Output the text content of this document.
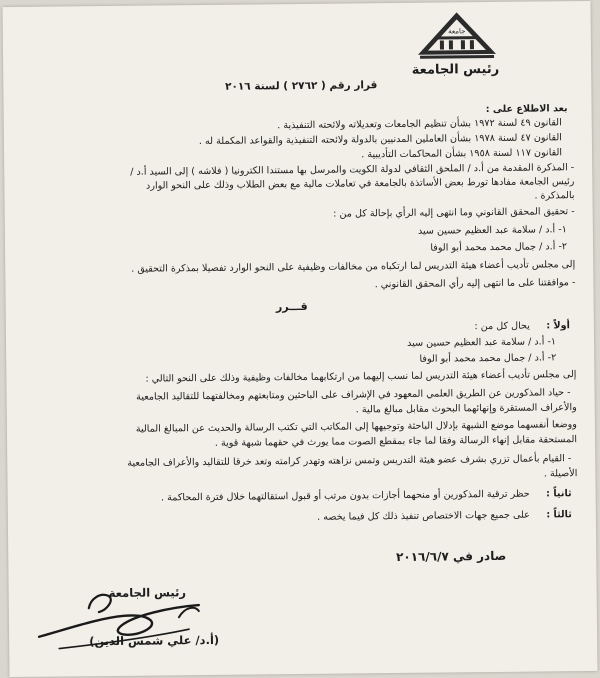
جامعة
رئيس الجامعة
قرار رقم ( ٢٧٦٢ ) لسنة ٢٠١٦
بعد الاطلاع على :
القانون ٤٩ لسنة ١٩٧٢ بشأن تنظيم الجامعات وتعديلاته ولائحته التنفيذية .
القانون ٤٧ لسنة ١٩٧٨ بشأن العاملين المدنيين بالدولة ولائحته التنفيذية والقواعد المكملة له .
القانون ١١٧ لسنة ١٩٥٨ بشأن المحاكمات التأديبية .
- المذكرة المقدمة من أ.د / الملحق الثقافي لدولة الكويت والمرسل بها مستندا الكترونيا ( فلاشه ) إلى السيد أ.د /
رئيس الجامعة مفادها تورط بعض الأساتذة بالجامعة في تعاملات مالية مع بعض الطلاب وذلك على النحو الوارد
بالمذكرة .
- تحقيق المحقق القانوني وما انتهى إليه الرأي بإحالة كل من :
١- أ.د / سلامة عبد العظيم حسين سيد
٢- أ.د / جمال محمد محمد أبو الوفا
إلى مجلس تأديب أعضاء هيئة التدريس لما ارتكباه من مخالفات وظيفية على النحو الوارد تفصيلا بمذكرة التحقيق .
- موافقتنا على ما انتهى إليه رأي المحقق القانوني .
قـــرر
أولاً :
يحال كل من :
١- أ.د / سلامة عبد العظيم حسين سيد
٢- أ.د / جمال محمد محمد أبو الوفا
إلى مجلس تأديب أعضاء هيئة التدريس لما نسب إليهما من ارتكابهما مخالفات وظيفية وذلك على النحو التالي :
- حياد المذكورين عن الطريق العلمي المعهود في الإشراف على الباحثين ومتابعتهم ومخالفتهما للتقاليد الجامعية
والأعراف المستقرة وإنهائهما البحوث مقابل مبالغ مالية .
ووضعا أنفسهما موضع الشبهة بإدلال الباحثة وتوجيهها إلى المكاتب التي تكتب الرسالة والحديث عن المبالغ المالية
المستحقة مقابل إنهاء الرسالة وفقا لما جاء بمقطع الصوت مما يورث في حقهما شبهة قوية .
- القيام بأعمال تزري بشرف عضو هيئة التدريس وتمس نزاهته وتهدر كرامته وتعد خرقا للتقاليد والأعراف الجامعية
الأصيلة .
ثانياً :
حظر ترقية المذكورين أو منحهما أجازات بدون مرتب أو قبول استقالتهما خلال فترة المحاكمة .
ثالثاً :
على جميع جهات الاختصاص تنفيذ ذلك كل فيما يخصه .
صادر في ٢٠١٦/٦/٧
رئيس الجامعة
(أ.د/ علي شمس الدين)
